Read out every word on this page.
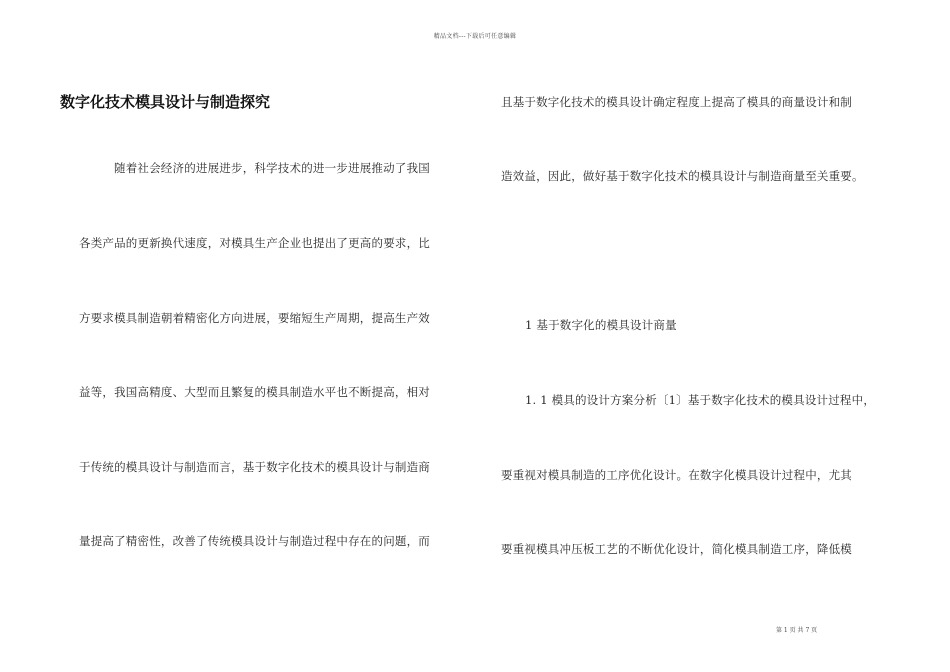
精品文档---下载后可任意编辑
数字化技术模具设计与制造探究
随着社会经济的进展进步，科学技术的进一步进展推动了我国
各类产品的更新换代速度，对模具生产企业也提出了更高的要求，比
方要求模具制造朝着精密化方向进展，要缩短生产周期，提高生产效
益等，我国高精度、大型而且繁复的模具制造水平也不断提高，相对
于传统的模具设计与制造而言，基于数字化技术的模具设计与制造商
量提高了精密性，改善了传统模具设计与制造过程中存在的问题，而
且基于数字化技术的模具设计确定程度上提高了模具的商量设计和制
造效益，因此，做好基于数字化技术的模具设计与制造商量至关重要。
1 基于数字化的模具设计商量
1. 1 模具的设计方案分析〔1〕基于数字化技术的模具设计过程中，
要重视对模具制造的工序优化设计。在数字化模具设计过程中，尤其
要重视模具冲压板工艺的不断优化设计，简化模具制造工序，降低模
第 1 页 共 7 页
